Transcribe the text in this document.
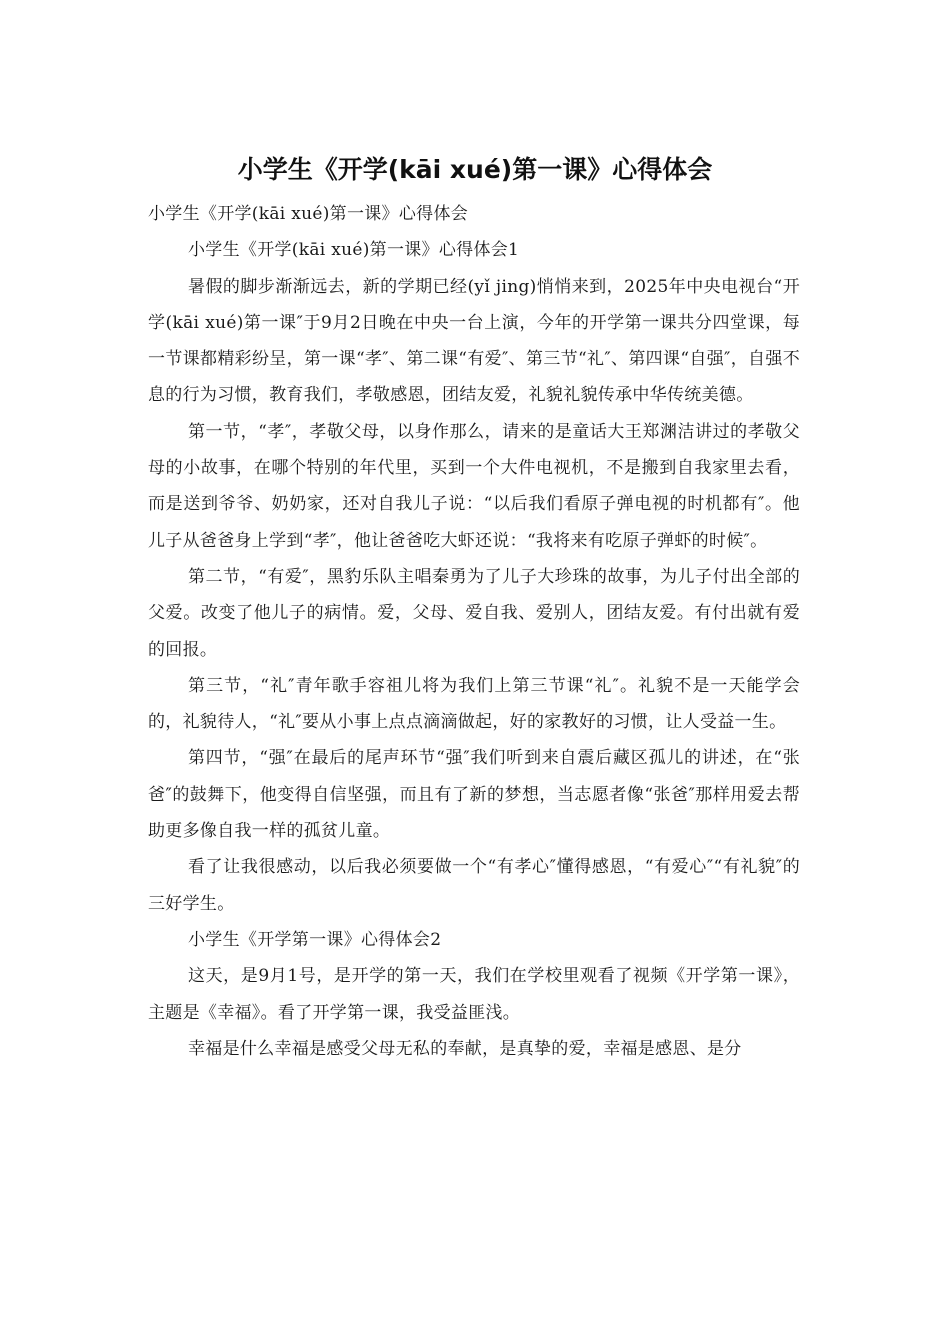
小学生《开学(kāi xué)第一课》心得体会

小学生《开学(kāi xué)第一课》心得体会

小学生《开学(kāi xué)第一课》心得体会1

暑假的脚步渐渐远去，新的学期已经(yǐ jing)悄悄来到，2025年中央电视台“开学(kāi xué)第一课″于9月2日晚在中央一台上演，今年的开学第一课共分四堂课，每一节课都精彩纷呈，第一课“孝″、第二课“有爱″、第三节“礼″、第四课“自强″，自强不息的行为习惯，教育我们，孝敬感恩，团结友爱，礼貌礼貌传承中华传统美德。

第一节，“孝″，孝敬父母，以身作那么，请来的是童话大王郑渊洁讲过的孝敬父母的小故事，在哪个特别的年代里，买到一个大件电视机，不是搬到自我家里去看，而是送到爷爷、奶奶家，还对自我儿子说：“以后我们看原子弹电视的时机都有″。他儿子从爸爸身上学到“孝″，他让爸爸吃大虾还说：“我将来有吃原子弹虾的时候″。

第二节，“有爱″，黑豹乐队主唱秦勇为了儿子大珍珠的故事，为儿子付出全部的父爱。改变了他儿子的病情。爱，父母、爱自我、爱别人，团结友爱。有付出就有爱的回报。

第三节，“礼″青年歌手容祖儿将为我们上第三节课“礼″。礼貌不是一天能学会的，礼貌待人，“礼″要从小事上点点滴滴做起，好的家教好的习惯，让人受益一生。

第四节，“强″在最后的尾声环节“强″我们听到来自震后藏区孤儿的讲述，在“张爸″的鼓舞下，他变得自信坚强，而且有了新的梦想，当志愿者像“张爸″那样用爱去帮助更多像自我一样的孤贫儿童。

看了让我很感动，以后我必须要做一个“有孝心″懂得感恩，“有爱心″“有礼貌″的三好学生。

小学生《开学第一课》心得体会2

这天，是9月1号，是开学的第一天，我们在学校里观看了视频《开学第一课》，主题是《幸福》。看了开学第一课，我受益匪浅。

幸福是什么幸福是感受父母无私的奉献，是真挚的爱，幸福是感恩、是分
